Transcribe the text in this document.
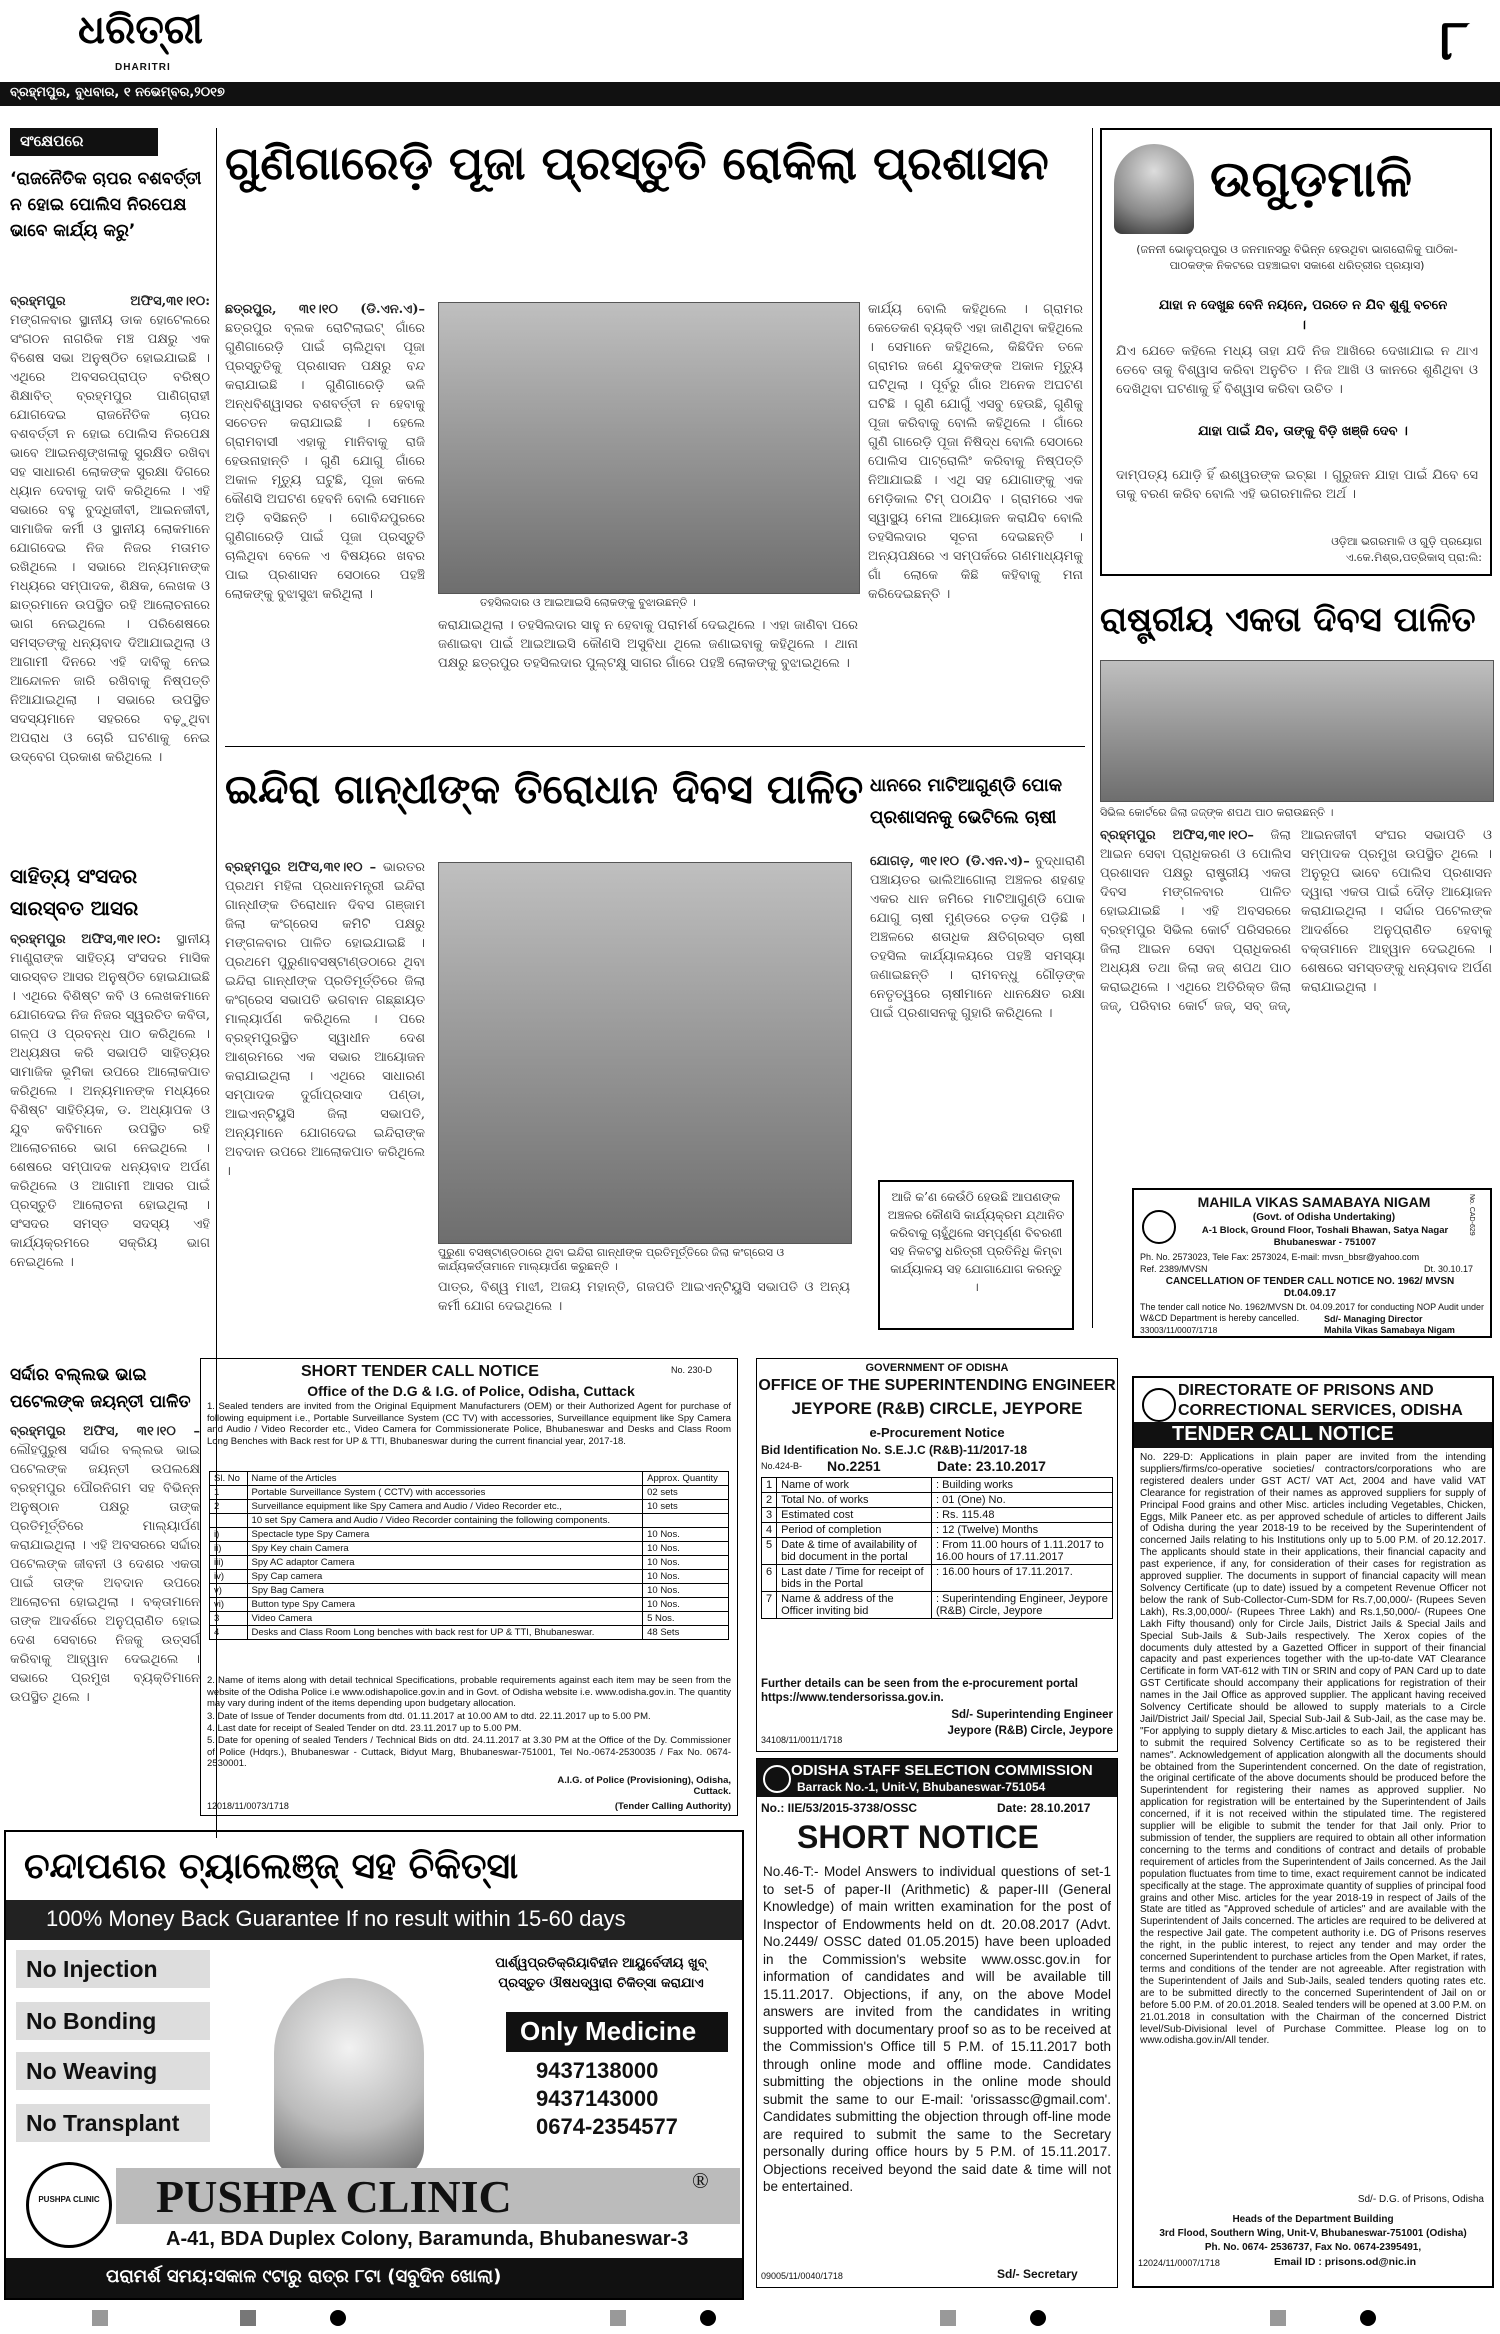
ଧରିତ୍ରୀ
DHARITRI	୮
ବ୍ରହ୍ମପୁର, ବୁଧବାର, ୧ ନଭେମ୍ବର,୨୦୧୭
ସଂକ୍ଷେପରେ
‘ରାଜନୈତିକ ଚାପର ବଶବର୍ତ୍ତୀ ନ ହୋଇ ପୋଲିସ ନିରପେକ୍ଷ ଭାବେ କାର୍ଯ୍ୟ କରୁ’
ବ୍ରହ୍ମପୁର ଅଫିସ,୩୧।୧୦: ମଙ୍ଗଳବାର ସ୍ଥାନୀୟ ଡାକ ହୋଟେଲରେ ସଂଗଠନ ନାଗରିକ ମଞ୍ଚ ପକ୍ଷରୁ ଏକ ବିଶେଷ ସଭା ଅନୁଷ୍ଠିତ ହୋଇଯାଇଛି । ଏଥିରେ ଅବସରପ୍ରାପ୍ତ ବରିଷ୍ଠ ଶିକ୍ଷାବିତ୍ ବ୍ରହ୍ମପୁର ପାଣିଗ୍ରାହୀ ଯୋଗଦେଇ ରାଜନୈତିକ ଚାପର ବଶବର୍ତ୍ତୀ ନ ହୋଇ ପୋଲିସ ନିରପେକ୍ଷ ଭାବେ ଆଇନଶୃଙ୍ଖଳାକୁ ସୁରକ୍ଷିତ ରଖିବା ସହ ସାଧାରଣ ଲୋକଙ୍କ ସୁରକ୍ଷା ଦିଗରେ ଧ୍ୟାନ ଦେବାକୁ ଦାବି କରିଥିଲେ । ଏହି ସଭାରେ ବହୁ ବୁଦ୍ଧିଜୀବୀ, ଆଇନଜୀବୀ, ସାମାଜିକ କର୍ମୀ ଓ ସ୍ଥାନୀୟ ଲୋକମାନେ ଯୋଗଦେଇ ନିଜ ନିଜର ମତାମତ ରଖିଥିଲେ । ସଭାରେ ଅନ୍ୟମାନଙ୍କ ମଧ୍ୟରେ ସମ୍ପାଦକ, ଶିକ୍ଷକ, ଲେଖକ ଓ ଛାତ୍ରମାନେ ଉପସ୍ଥିତ ରହି ଆଲୋଚନାରେ ଭାଗ ନେଇଥିଲେ । ପରିଶେଷରେ ସମସ୍ତଙ୍କୁ ଧନ୍ୟବାଦ ଦିଆଯାଇଥିଲା ଓ ଆଗାମୀ ଦିନରେ ଏହି ଦାବିକୁ ନେଇ ଆନ୍ଦୋଳନ ଜାରି ରଖିବାକୁ ନିଷ୍ପତ୍ତି ନିଆଯାଇଥିଲା । ସଭାରେ ଉପସ୍ଥିତ ସଦସ୍ୟମାନେ ସହରରେ ବଢ଼ୁଥିବା ଅପରାଧ ଓ ଚୋରି ଘଟଣାକୁ ନେଇ ଉଦ୍‌ବେଗ ପ୍ରକାଶ କରିଥିଲେ ।
ସାହିତ୍ୟ ସଂସଦର ସାରସ୍ବତ ଆସର
ବ୍ରହ୍ମପୁର ଅଫିସ,୩୧।୧୦: ସ୍ଥାନୀୟ ମାଣ୍ଡ୍ରାଙ୍କ ସାହିତ୍ୟ ସଂସଦର ମାସିକ ସାରସ୍ବତ ଆସର ଅନୁଷ୍ଠିତ ହୋଇଯାଇଛି । ଏଥିରେ ବିଶିଷ୍ଟ କବି ଓ ଲେଖକମାନେ ଯୋଗଦେଇ ନିଜ ନିଜର ସ୍ୱରଚିତ କବିତା, ଗଳ୍ପ ଓ ପ୍ରବନ୍ଧ ପାଠ କରିଥିଲେ । ଅଧ୍ୟକ୍ଷତା କରି ସଭାପତି ସାହିତ୍ୟର ସାମାଜିକ ଭୂମିକା ଉପରେ ଆଲୋକପାତ କରିଥିଲେ । ଅନ୍ୟମାନଙ୍କ ମଧ୍ୟରେ ବିଶିଷ୍ଟ ସାହିତ୍ୟିକ, ଡ. ଅଧ୍ୟାପକ ଓ ଯୁବ କବିମାନେ ଉପସ୍ଥିତ ରହି ଆଲୋଚନାରେ ଭାଗ ନେଇଥିଲେ । ଶେଷରେ ସମ୍ପାଦକ ଧନ୍ୟବାଦ ଅର୍ପଣ କରିଥିଲେ ଓ ଆଗାମୀ ଆସର ପାଇଁ ପ୍ରସ୍ତୁତି ଆଲୋଚନା ହୋଇଥିଲା । ସଂସଦର ସମସ୍ତ ସଦସ୍ୟ ଏହି କାର୍ଯ୍ୟକ୍ରମରେ ସକ୍ରିୟ ଭାଗ ନେଇଥିଲେ ।
ସର୍ଦ୍ଦାର ବଲ୍ଲଭ ଭାଇ ପଟେଲଙ୍କ ଜୟନ୍ତୀ ପାଳିତ
ବ୍ରହ୍ମପୁର ଅଫିସ, ୩୧।୧୦ – ଲୌହପୁରୁଷ ସର୍ଦ୍ଦାର ବଲ୍ଲଭ ଭାଇ ପଟେଲଙ୍କ ଜୟନ୍ତୀ ଉପଲକ୍ଷେ ବ୍ରହ୍ମପୁର ପୌରନିଗମ ସହ ବିଭିନ୍ନ ଅନୁଷ୍ଠାନ ପକ୍ଷରୁ ତାଙ୍କ ପ୍ରତିମୂର୍ତ୍ତିରେ ମାଲ୍ୟାର୍ପଣ କରାଯାଇଥିଲା । ଏହି ଅବସରରେ ସର୍ଦ୍ଦାର ପଟେଲଙ୍କ ଜୀବନୀ ଓ ଦେଶର ଏକତା ପାଇଁ ତାଙ୍କ ଅବଦାନ ଉପରେ ଆଲୋଚନା ହୋଇଥିଲା । ବକ୍ତାମାନେ ତାଙ୍କ ଆଦର୍ଶରେ ଅନୁପ୍ରାଣିତ ହୋଇ ଦେଶ ସେବାରେ ନିଜକୁ ଉତ୍ସର୍ଗ କରିବାକୁ ଆହ୍ୱାନ ଦେଇଥିଲେ । ସଭାରେ ପ୍ରମୁଖ ବ୍ୟକ୍ତିମାନେ ଉପସ୍ଥିତ ଥିଲେ ।
ଗୁଣିଗାରେଡ଼ି ପୂଜା ପ୍ରସ୍ତୁତି ରୋକିଲା ପ୍ରଶାସନ
ଛତ୍ରପୁର, ୩୧।୧୦ (ଡି.ଏନ.ଏ)– ଛତ୍ରପୁର ବ୍ଲକ ରୋଟିଲାଇଟ୍ ଗାଁରେ ଗୁଣିଗାରେଡ଼ି ପାଇଁ ଚାଲିଥିବା ପୂଜା ପ୍ରସ୍ତୁତିକୁ ପ୍ରଶାସନ ପକ୍ଷରୁ ବନ୍ଦ କରାଯାଇଛି । ଗୁଣିଗାରେଡ଼ି ଭଳି ଅନ୍ଧବିଶ୍ୱାସର ବଶବର୍ତ୍ତୀ ନ ହେବାକୁ ସଚେତନ କରାଯାଇଛି । ହେଲେ ଗ୍ରାମବାସୀ ଏହାକୁ ମାନିବାକୁ ରାଜି ହେଉନାହାନ୍ତି । ଗୁଣି ଯୋଗୁ ଗାଁରେ ଅକାଳ ମୃତ୍ୟୁ ଘଟୁଛି, ପୂଜା କଲେ କୌଣସି ଅଘଟଣ ହେବନି ବୋଲି ସେମାନେ ଅଡ଼ି ବସିଛନ୍ତି । ଗୋବିନ୍ଦପୁରରେ ଗୁଣିଗାରେଡ଼ି ପାଇଁ ପୂଜା ପ୍ରସ୍ତୁତି ଚାଲିଥିବା ବେଳେ ଏ ବିଷୟରେ ଖବର ପାଇ ପ୍ରଶାସନ ସେଠାରେ ପହଞ୍ଚି ଲୋକଙ୍କୁ ବୁଝାସୁଝା କରିଥିଲା ।
ତହସିଲଦାର ଓ ଆଇଆଇସି ଲୋକଙ୍କୁ ବୁଝାଉଛନ୍ତି ।
କରାଯାଇଥିଲା । ତହସିଲଦାର ସାହୁ ନ ହେବାକୁ ପରାମର୍ଶ ଦେଇଥିଲେ । ଏହା ଜାଣିବା ପରେ ଜଣାଇବା ପାଇଁ ଆଇଆଇସି କୌଣସି ଅସୁବିଧା ଥିଲେ ଜଣାଇବାକୁ କହିଥିଲେ । ଥାନା ପକ୍ଷରୁ ଛତ୍ରପୁର ତହସିଲଦାର ପୁଲ୍ଟକ୍ଷୁ ସାଗର ଗାଁରେ ପହଞ୍ଚି ଲୋକଙ୍କୁ ବୁଝାଇଥିଲେ ।
କାର୍ଯ୍ୟ ବୋଲି କହିଥିଲେ । ଗ୍ରାମର କେତେକଣ ବ୍ୟକ୍ତି ଏହା ଜାଣିଥିବା କହିଥିଲେ । ସେମାନେ କହିଥିଲେ, କିଛିଦିନ ତଳେ ଗ୍ରାମର ଜଣେ ଯୁବକଙ୍କ ଅକାଳ ମୃତ୍ୟୁ ଘଟିଥିଲା । ପୂର୍ବରୁ ଗାଁର ଅନେକ ଅଘଟଣ ଘଟିଛି । ଗୁଣି ଯୋଗୁଁ ଏସବୁ ହେଉଛି, ଗୁଣିକୁ ପୂଜା କରିବାକୁ ବୋଲି କହିଥିଲେ । ଗାଁରେ ଗୁଣି ଗାରେଡ଼ି ପୂଜା ନିଷିଦ୍ଧ ବୋଲି ସେଠାରେ ପୋଲିସ ପାଟ୍ରୋଲିଂ କରିବାକୁ ନିଷ୍ପତ୍ତି ନିଆଯାଇଛି । ଏଥି ସହ ଯୋଗାଙ୍କୁ ଏକ ମେଡ଼ିକାଲ ଟିମ୍ ପଠାଯିବ । ଗ୍ରାମରେ ଏକ ସ୍ୱାସ୍ଥ୍ୟ ମେଳା ଆୟୋଜନ କରାଯିବ ବୋଲି ତହସିଲଦାର ସୂଚନା ଦେଇଛନ୍ତି । ଅନ୍ୟପକ୍ଷରେ ଏ ସମ୍ପର୍କରେ ଗଣମାଧ୍ୟମକୁ ଗାଁ ଲୋକେ କିଛି କହିବାକୁ ମନା କରିଦେଇଛନ୍ତି ।
ଇନ୍ଦିରା ଗାନ୍ଧୀଙ୍କ ତିରୋଧାନ ଦିବସ ପାଳିତ
ବ୍ରହ୍ମପୁର ଅଫିସ,୩୧।୧୦ – ଭାରତର ପ୍ରଥମ ମହିଳା ପ୍ରଧାନମନ୍ତ୍ରୀ ଇନ୍ଦିରା ଗାନ୍ଧୀଙ୍କ ତିରୋଧାନ ଦିବସ ଗଞ୍ଜାମ ଜିଲା କଂଗ୍ରେସ କମିଟି ପକ୍ଷରୁ ମଙ୍ଗଳବାର ପାଳିତ ହୋଇଯାଇଛି । ପ୍ରଥମେ ପୁରୁଣାବସଷ୍ଟାଣ୍ଡଠାରେ ଥିବା ଇନ୍ଦିରା ଗାନ୍ଧୀଙ୍କ ପ୍ରତିମୂର୍ତ୍ତିରେ ଜିଲା କଂଗ୍ରେସ ସଭାପତି ଭଗବାନ ଗଛ୍ଛାୟତ ମାଲ୍ୟାର୍ପଣ କରିଥିଲେ । ପରେ ବ୍ରହ୍ମପୁରସ୍ଥିତ ସ୍ୱାଧୀନ ଦେଶ ଆଶ୍ରମରେ ଏକ ସଭାର ଆୟୋଜନ କରାଯାଇଥିଲା । ଏଥିରେ ସାଧାରଣ ସମ୍ପାଦକ ଦୁର୍ଗାପ୍ରସାଦ ପଣ୍ଡା, ଆଇଏନ୍‌ଟିୟୁସି ଜିଲା ସଭାପତି, ଅନ୍ୟମାନେ ଯୋଗଦେଇ ଇନ୍ଦିରାଙ୍କ ଅବଦାନ ଉପରେ ଆଲୋକପାତ କରିଥିଲେ ।
ପୁରୁଣା ବସଷ୍ଟାଣ୍ଡଠାରେ ଥିବା ଇନ୍ଦିରା ଗାନ୍ଧୀଙ୍କ ପ୍ରତିମୂର୍ତ୍ତିରେ ଜିଲା କଂଗ୍ରେସ ଓ କାର୍ଯ୍ୟକର୍ତ୍ତାମାନେ ମାଲ୍ୟାର୍ପଣ କରୁଛନ୍ତି ।
ପାତ୍ର, ବିଶ୍ୱ ମାଝୀ, ଅଜୟ ମହାନ୍ତି, ଗଜପତି ଆଇଏନ୍‌ଟିୟୁସି ସଭାପତି ଓ ଅନ୍ୟ କର୍ମୀ ଯୋଗ ଦେଇଥିଲେ ।
ଧାନରେ ମାଟିଆଗୁଣ୍ଡି ପୋକ ପ୍ରଶାସନକୁ ଭେଟିଲେ ଚାଷୀ
ଯୋଗଡ଼, ୩୧।୧୦ (ଡି.ଏନ.ଏ)– ବୁଦ୍ଧାରାଣି ପଞ୍ଚାୟତର ଭାଲିଆଗୋଲା ଅଞ୍ଚଳର ଶହଶହ ଏକର ଧାନ ଜମିରେ ମାଟିଆଗୁଣ୍ଡି ପୋକ ଯୋଗୁ ଚାଷୀ ମୁଣ୍ଡରେ ଚଡ଼କ ପଡ଼ିଛି । ଅଞ୍ଚଳରେ ଶତାଧିକ କ୍ଷତିଗ୍ରସ୍ତ ଚାଷୀ ତହସିଲ କାର୍ଯ୍ୟାଳୟରେ ପହଞ୍ଚି ସମସ୍ୟା ଜଣାଇଛନ୍ତି । ରାମବନ୍ଧୁ ଗୌଡ଼ଙ୍କ ନେତୃତ୍ୱରେ ଚାଷୀମାନେ ଧାନକ୍ଷେତ ରକ୍ଷା ପାଇଁ ପ୍ରଶାସନକୁ ଗୁହାରି କରିଥିଲେ ।
ଆଜି କ’ଣ କେଉଁଠି ହେଉଛି ଆପଣଙ୍କ ଅଞ୍ଚଳର କୌଣସି କାର୍ଯ୍ୟକ୍ରମ ଯ୍ଥାନିତ କରିବାକୁ ଚାହୁଁଥିଲେ ସମ୍ପୂର୍ଣ୍ଣ ବିବରଣୀ ସହ ନିକଟସ୍ଥ ଧରିତ୍ରୀ ପ୍ରତିନିଧି କିମ୍ବା କାର୍ଯ୍ୟାଳୟ ସହ ଯୋଗାଯୋଗ କରନ୍ତୁ ।
ଉଗୁଡ଼ମାଳି
(ଜନନୀ ଭୋଳୁପ୍ରପୁର ଓ ଜନମାନସରୁ ବିଭିନ୍ନ ହେଉଥିବା ଭାଗରୋଳିକୁ ପାଠିକା-ପାଠକଙ୍କ ନିକଟରେ ପହଞ୍ଚାଇବା ସକାଶେ ଧରିତ୍ରୀର ପ୍ରୟାସ)
ଯାହା ନ ଦେଖୁଛ ବେନି ନୟନେ, ପରତେ ନ ଯିବ ଶୁଣୁ ବଚନେ ।
ଯିଏ ଯେତେ କହିଲେ ମଧ୍ୟ ତାହା ଯଦି ନିଜ ଆଖିରେ ଦେଖାଯାଇ ନ ଥାଏ ତେବେ ତାକୁ ବିଶ୍ୱାସ କରିବା ଅନୁଚିତ । ନିଜ ଆଖି ଓ କାନରେ ଶୁଣିଥିବା ଓ ଦେଖିଥିବା ଘଟଣାକୁ ହିଁ ବିଶ୍ୱାସ କରିବା ଉଚିତ ।
ଯାହା ପାଇଁ ଯିବ, ତାଙ୍କୁ ବିଡ଼ି ଖଞ୍ଜି ଦେବ ।
ଦାମ୍ପତ୍ୟ ଯୋଡ଼ି ହିଁ ଈଶ୍ୱରଙ୍କ ଇଚ୍ଛା । ଗୁରୁଜନ ଯାହା ପାଇଁ ଯିବେ ସେ ତାକୁ ବରଣ କରିବ ବୋଲି ଏହି ଭଗରମାଳିର ଅର୍ଥ ।
ଓଡ଼ିଆ ଭଗରମାଳି ଓ ଗୁଡ଼ି ପ୍ରୟୋଗ ଏ.କେ.ମିଶ୍ର,ପତ୍ରିକାସ୍ ପ୍ରା:ଲି:
ରାଷ୍ଟ୍ରୀୟ ଏକତା ଦିବସ ପାଳିତ
ସିଭିଲ କୋର୍ଟରେ ଜିଲା ଜଜ୍ଙ୍କ ଶପଥ ପାଠ କରାଉଛନ୍ତି ।
ବ୍ରହ୍ମପୁର ଅଫିସ,୩୧।୧୦– ଜିଲା ଆଇନ ସେବା ପ୍ରାଧିକରଣ ଓ ପୋଲିସ ପ୍ରଶାସନ ପକ୍ଷରୁ ରାଷ୍ଟ୍ରୀୟ ଏକତା ଦିବସ ମଙ୍ଗଳବାର ପାଳିତ ହୋଇଯାଇଛି । ଏହି ଅବସରରେ ବ୍ରହ୍ମପୁର ସିଭିଲ କୋର୍ଟ ପରିସରରେ ଜିଲା ଆଇନ ସେବା ପ୍ରାଧିକରଣ ଅଧ୍ୟକ୍ଷ ତଥା ଜିଲା ଜଜ୍ ଶପଥ ପାଠ କରାଇଥିଲେ । ଏଥିରେ ଅତିରିକ୍ତ ଜିଲା ଜଜ୍, ପରିବାର କୋର୍ଟ ଜଜ୍, ସବ୍ ଜଜ୍, ଆଇନଜୀବୀ ସଂଘର ସଭାପତି ଓ ସମ୍ପାଦକ ପ୍ରମୁଖ ଉପସ୍ଥିତ ଥିଲେ । ଅନୁରୂପ ଭାବେ ପୋଲିସ ପ୍ରଶାସନ ଦ୍ୱାରା ଏକତା ପାଇଁ ଦୌଡ଼ ଆୟୋଜନ କରାଯାଇଥିଲା । ସର୍ଦ୍ଦାର ପଟେଲଙ୍କ ଆଦର୍ଶରେ ଅନୁପ୍ରାଣିତ ହେବାକୁ ବକ୍ତାମାନେ ଆହ୍ୱାନ ଦେଇଥିଲେ । ଶେଷରେ ସମସ୍ତଙ୍କୁ ଧନ୍ୟବାଦ ଅର୍ପଣ କରାଯାଇଥିଲା ।
MAHILA VIKAS SAMABAYA NIGAM
(Govt. of Odisha Undertaking)
A-1 Block, Ground Floor, Toshali Bhawan, Satya Nagar Bhubaneswar - 751007
Ph. No. 2573023, Tele Fax: 2573024, E-mail: mvsn_bbsr@yahoo.com
Ref. 2389/MVSN	Dt. 30.10.17
CANCELLATION OF TENDER CALL NOTICE NO. 1962/ MVSN Dt.04.09.17
The tender call notice No. 1962/MVSN Dt. 04.09.2017 for conducting NOP Audit under W&CD Department is hereby cancelled.	Sd/- Managing Director
33003/11/0007/1718	Mahila Vikas Samabaya Nigam
No. CAD-629
SHORT TENDER CALL NOTICE	No. 230-D
Office of the D.G & I.G. of Police, Odisha, Cuttack
1. Sealed tenders are invited from the Original Equipment Manufacturers (OEM) or their Authorized Agent for purchase of following equipment i.e., Portable Surveillance System (CC TV) with accessories, Surveillance equipment like Spy Camera and Audio / Video Recorder etc., Video Camera for Commissionerate Police, Bhubaneswar and Desks and Class Room Long Benches with Back rest for UP & TTI, Bhubaneswar during the current financial year, 2017-18.
Sl. No	Name of the Articles	Approx. Quantity
1	Portable Surveillance System ( CCTV) with accessories	02 sets
2	Surveillance equipment like Spy Camera and Audio / Video Recorder etc.,	10 sets
	10 set Spy Camera and Audio / Video Recorder containing the following components.	
i)	Spectacle type Spy Camera	10 Nos.
ii)	Spy Key chain Camera	10 Nos.
iii)	Spy AC adaptor Camera	10 Nos.
iv)	Spy Cap camera	10 Nos.
v)	Spy Bag Camera	10 Nos.
vi)	Button type Spy Camera	10 Nos.
3	Video Camera	5 Nos.
4	Desks and Class Room Long benches with back rest for UP & TTI, Bhubaneswar.	48 Sets
2. Name of items along with detail technical Specifications, probable requirements against each item may be seen from the website of the Odisha Police i.e www.odishapolice.gov.in and in Govt. of Odisha website i.e. www.odisha.gov.in. The quantity may vary during indent of the items depending upon budgetary allocation.
3. Date of Issue of Tender documents from dtd. 01.11.2017 at 10.00 AM to dtd. 22.11.2017 up to 5.00 PM.
4. Last date for receipt of Sealed Tender on dtd. 23.11.2017 up to 5.00 PM.
5. Date for opening of sealed Tenders / Technical Bids on dtd. 24.11.2017 at 3.30 PM at the Office of the Dy. Commissioner of Police (Hdqrs.), Bhubaneswar - Cuttack, Bidyut Marg, Bhubaneswar-751001, Tel No.-0674-2530035 / Fax No. 0674-2530001.
A.I.G. of Police (Provisioning), Odisha, Cuttack.
12018/11/0073/1718	(Tender Calling Authority)
GOVERNMENT OF ODISHA
OFFICE OF THE SUPERINTENDING ENGINEER
JEYPORE (R&B) CIRCLE, JEYPORE
e-Procurement Notice
Bid Identification No. S.E.J.C (R&B)-11/2017-18
No.424-B- No.2251	Date: 23.10.2017
1	Name of work	: Building works
2	Total No. of works	: 01 (One) No.
3	Estimated cost	: Rs. 115.48
4	Period of completion	: 12 (Twelve) Months
5	Date & time of availability of bid document in the portal	: From 11.00 hours of 1.11.2017 to 16.00 hours of 17.11.2017
6	Last date / Time for receipt of bids in the Portal	: 16.00 hours of 17.11.2017.
7	Name & address of the Officer inviting bid	: Superintending Engineer, Jeypore (R&B) Circle, Jeypore
Further details can be seen from the e-procurement portal https://www.tendersorissa.gov.in.
Sd/- Superintending Engineer
Jeypore (R&B) Circle, Jeypore
34108/11/0011/1718
ODISHA STAFF SELECTION COMMISSION
Barrack No.-1, Unit-V, Bhubaneswar-751054
No.: IIE/53/2015-3738/OSSC	Date: 28.10.2017
SHORT NOTICE
No.46-T:- Model Answers to individual questions of set-1 to set-5 of paper-II (Arithmetic) & paper-III (General Knowledge) of main written examination for the post of Inspector of Endowments held on dt. 20.08.2017 (Advt. No.2449/ OSSC dated 01.05.2015) have been uploaded in the Commission's website www.ossc.gov.in for information of candidates and will be available till 15.11.2017. Objections, if any, on the above Model answers are invited from the candidates in writing supported with documentary proof so as to be received at the Commission's Office till 5 P.M. of 15.11.2017 both through online mode and offline mode. Candidates submitting the objections in the online mode should submit the same to our E-mail: 'orissassc@gmail.com'. Candidates submitting the objection through off-line mode are required to submit the same to the Secretary personally during office hours by 5 P.M. of 15.11.2017. Objections received beyond the said date & time will not be entertained.
09005/11/0040/1718	Sd/- Secretary
DIRECTORATE OF PRISONS AND
CORRECTIONAL SERVICES, ODISHA
TENDER CALL NOTICE
No. 229-D: Applications in plain paper are invited from the intending suppliers/firms/co-operative societies/ contractors/corporations who are registered dealers under GST ACT/ VAT Act, 2004 and have valid VAT Clearance for registration of their names as approved suppliers for supply of Principal Food grains and other Misc. articles including Vegetables, Chicken, Eggs, Milk Paneer etc. as per approved schedule of articles to different Jails of Odisha during the year 2018-19 to be received by the Superintendent of concerned Jails relating to his Institutions only up to 5.00 P.M. of 20.12.2017. The applicants should state in their applications, their financial capacity and past experience, if any, for consideration of their cases for registration as approved supplier. The documents in support of financial capacity will mean Solvency Certificate (up to date) issued by a competent Revenue Officer not below the rank of Sub-Collector-Cum-SDM for Rs.7,00,000/- (Rupees Seven Lakh), Rs.3,00,000/- (Rupees Three Lakh) and Rs.1,50,000/- (Rupees One Lakh Fifty thousand) only for Circle Jails, District Jails & Special Jails and Special Sub-Jails & Sub-Jails respectively. The Xerox copies of the documents duly attested by a Gazetted Officer in support of their financial capacity and past experiences together with the up-to-date VAT Clearance Certificate in form VAT-612 with TIN or SRIN and copy of PAN Card up to date GST Certificate should accompany their applications for registration of their names in the Jail Office as approved supplier. The applicant having received Solvency Certificate should be allowed to supply materials to a Circle Jail/District Jail/ Special Jail, Special Sub-Jail & Sub-Jail, as the case may be. "For applying to supply dietary & Misc.articles to each Jail, the applicant has to submit the required Solvency Certificate so as to be registered their names". Acknowledgement of application alongwith all the documents should be obtained from the Superintendent concerned. On the date of registration, the original certificate of the above documents should be produced before the Superintendent for registering their names as approved supplier. No application for registration will be entertained by the Superintendent of Jails concerned, if it is not received within the stipulated time. The registered supplier will be eligible to submit the tender for that Jail only. Prior to submission of tender, the suppliers are required to obtain all other information concerning to the terms and conditions of contract and details of probable requirement of articles from the Superintendent of Jails concerned. As the Jail population fluctuates from time to time, exact requirement cannot be indicated specifically at the stage. The approximate quantity of supplies of principal food grains and other Misc. articles for the year 2018-19 in respect of Jails of the State are titled as "Approved schedule of articles" and are available with the Superintendent of Jails concerned. The articles are required to be delivered at the respective Jail gate. The competent authority i.e. DG of Prisons reserves the right, in the public interest, to reject any tender and may order the concerned Superintendent to purchase articles from the Open Market, if rates, terms and conditions of the tender are not agreeable. After registration with the Superintendent of Jails and Sub-Jails, sealed tenders quoting rates etc. are to be submitted directly to the concerned Superintendent of Jail on or before 5.00 P.M. of 20.01.2018. Sealed tenders will be opened at 3.00 P.M. on 21.01.2018 in consultation with the Chairman of the concerned District level/Sub-Divisional level of Purchase Committee. Please log on to www.odisha.gov.in/All tender.
Sd/- D.G. of Prisons, Odisha
Heads of the Department Building
3rd Flood, Southern Wing, Unit-V, Bhubaneswar-751001 (Odisha)
Ph. No. 0674- 2536737, Fax No. 0674-2395491,
12024/11/0007/1718	Email ID : prisons.od@nic.in
ଚନ୍ଦାପଣର ଚ୍ୟାଲେଞ୍ଜ୍ ସହ ଚିକିତ୍ସା
100% Money Back Guarantee If no result within 15-60 days
No Injection
No Bonding
No Weaving
No Transplant
ପାର୍ଶ୍ୱପ୍ରତିକ୍ରିୟାବିହୀନ ଆୟୁର୍ବେଦୀୟ ଖୁବ୍‌ ପ୍ରସ୍ତୁତ ଔଷଧଦ୍ୱାରା ଚିକିତ୍ସା କରାଯାଏ
Only Medicine
9437138000
9437143000
0674-2354577
PUSHPA CLINIC PUSHPA CLINIC	®
A-41, BDA Duplex Colony, Baramunda, Bhubaneswar-3
ପରାମର୍ଶ ସମୟ:ସକାଳ ୯ଟାରୁ ରାତ୍ର ୮ଟା (ସବୁଦିନ ଖୋଲା)
